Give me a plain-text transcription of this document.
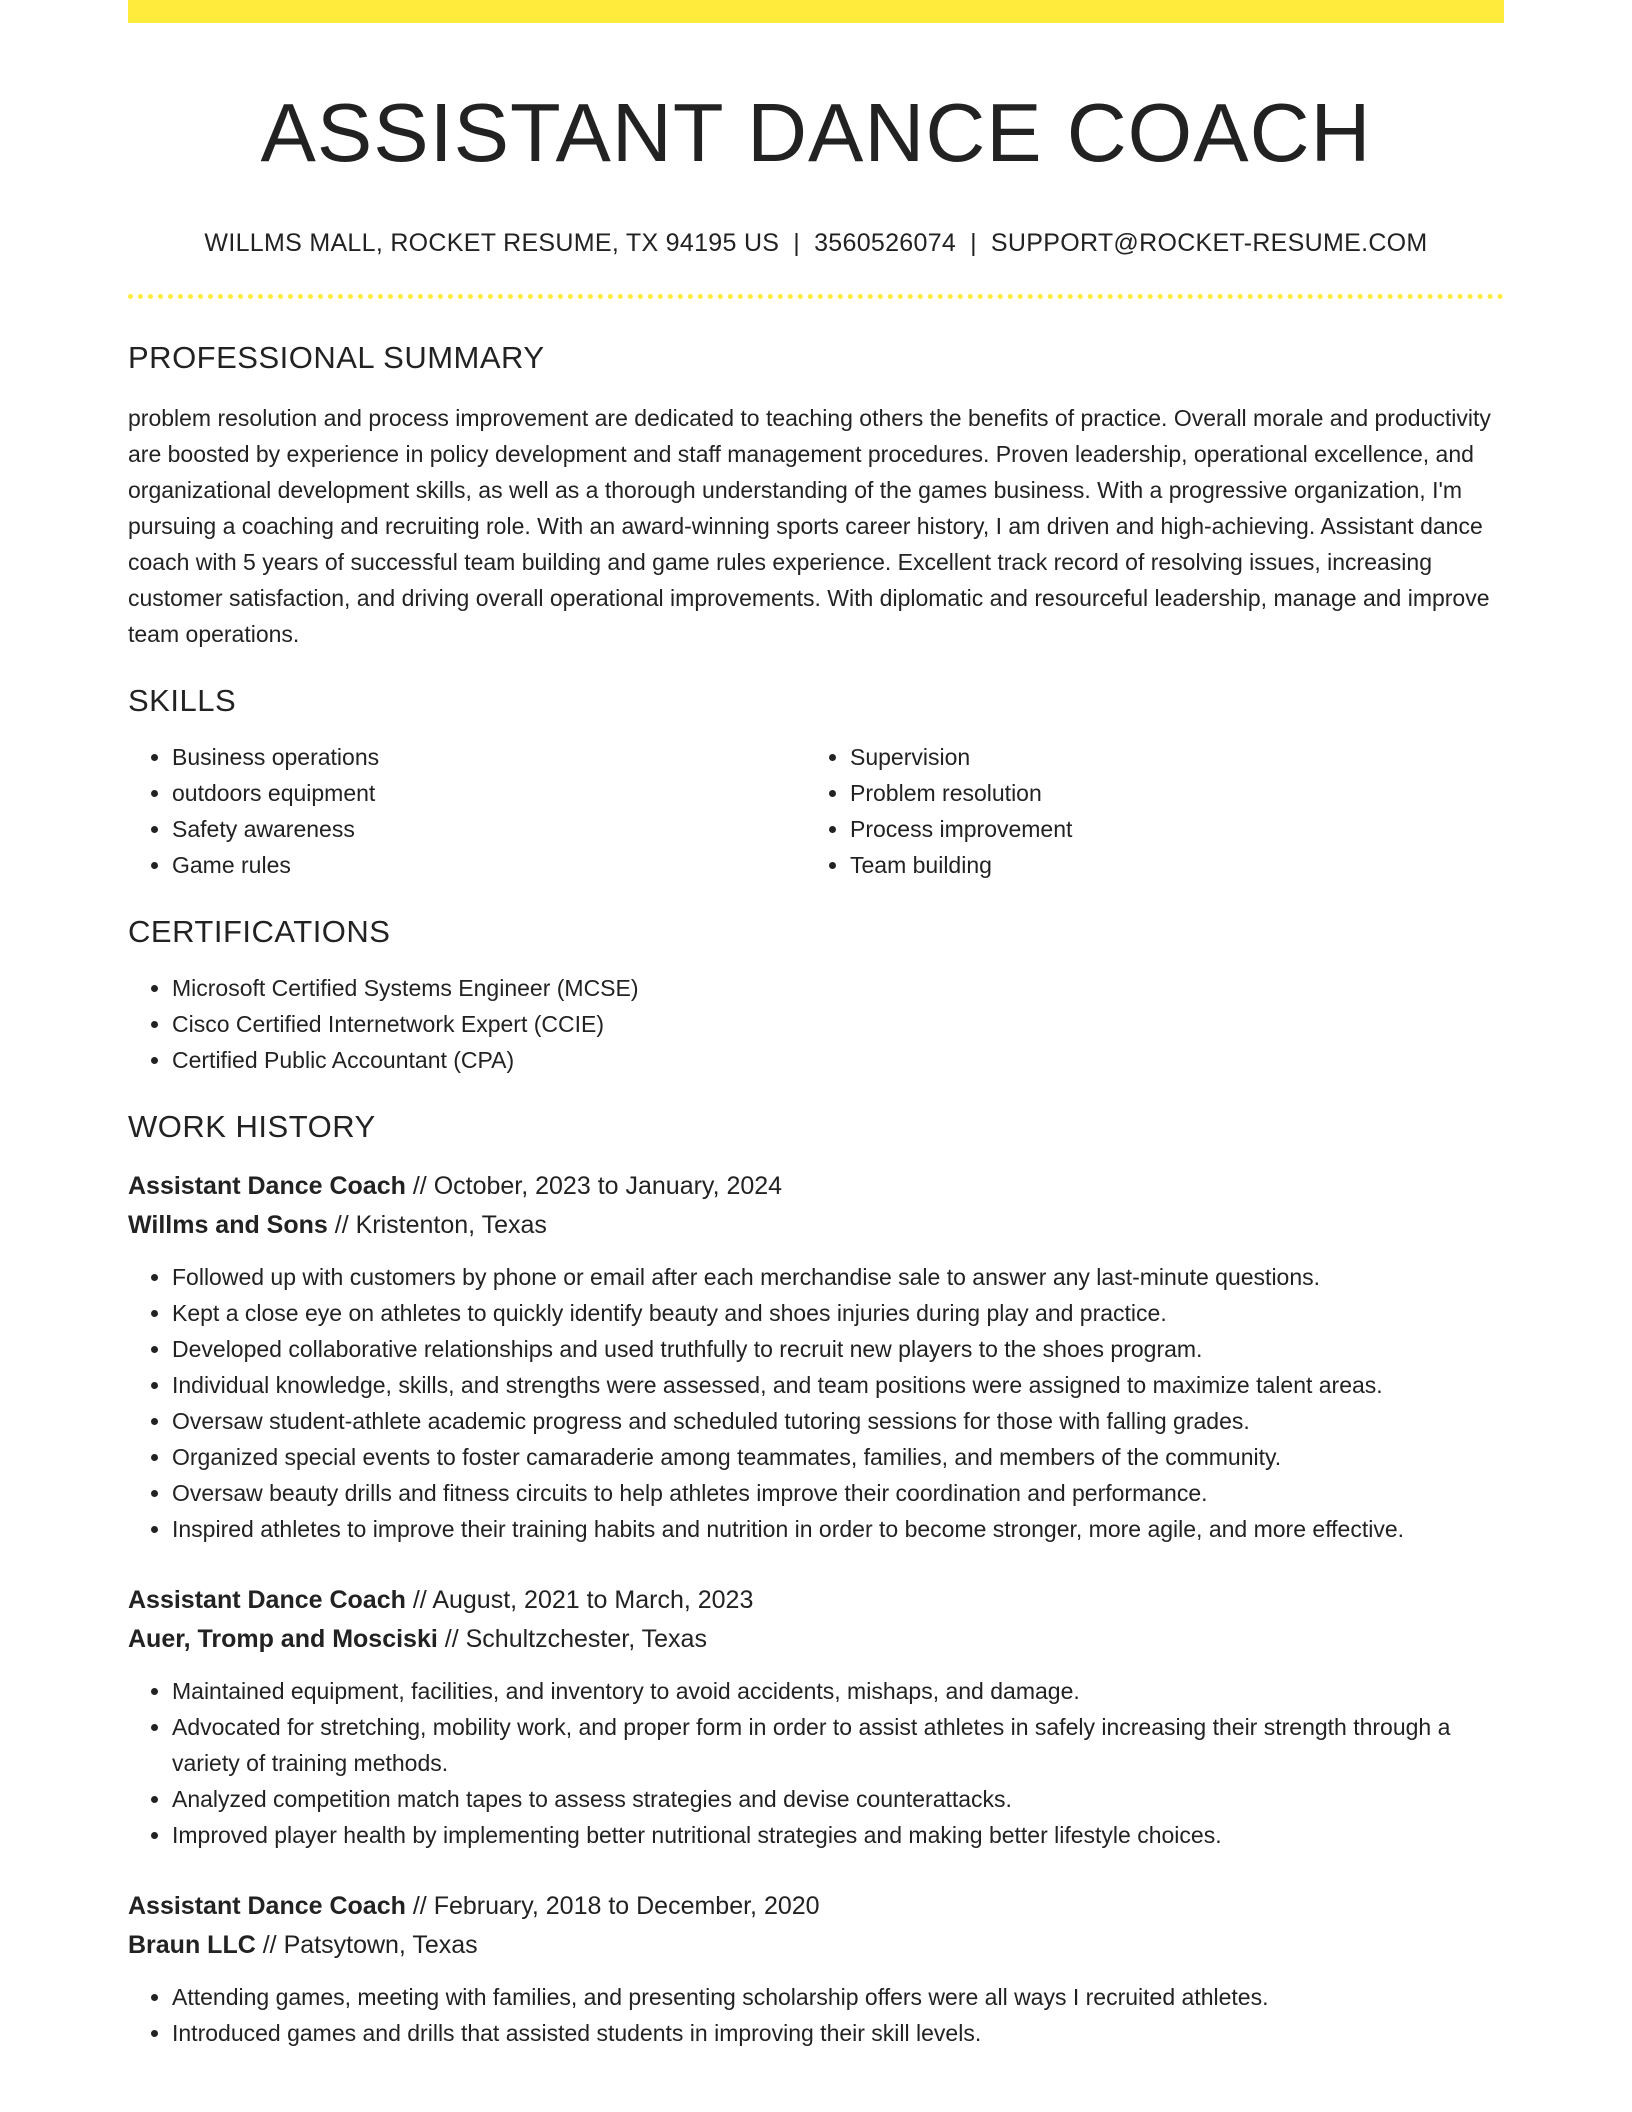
ASSISTANT DANCE COACH
WILLMS MALL, ROCKET RESUME, TX 94195 US | 3560526074 | SUPPORT@ROCKET-RESUME.COM
PROFESSIONAL SUMMARY
problem resolution and process improvement are dedicated to teaching others the benefits of practice. Overall morale and productivity are boosted by experience in policy development and staff management procedures. Proven leadership, operational excellence, and organizational development skills, as well as a thorough understanding of the games business. With a progressive organization, I'm pursuing a coaching and recruiting role. With an award-winning sports career history, I am driven and high-achieving. Assistant dance coach with 5 years of successful team building and game rules experience. Excellent track record of resolving issues, increasing customer satisfaction, and driving overall operational improvements. With diplomatic and resourceful leadership, manage and improve team operations.
SKILLS
• Business operations
• outdoors equipment
• Safety awareness
• Game rules
• Supervision
• Problem resolution
• Process improvement
• Team building
CERTIFICATIONS
• Microsoft Certified Systems Engineer (MCSE)
• Cisco Certified Internetwork Expert (CCIE)
• Certified Public Accountant (CPA)
WORK HISTORY
Assistant Dance Coach // October, 2023 to January, 2024
Willms and Sons // Kristenton, Texas
• Followed up with customers by phone or email after each merchandise sale to answer any last-minute questions.
• Kept a close eye on athletes to quickly identify beauty and shoes injuries during play and practice.
• Developed collaborative relationships and used truthfully to recruit new players to the shoes program.
• Individual knowledge, skills, and strengths were assessed, and team positions were assigned to maximize talent areas.
• Oversaw student-athlete academic progress and scheduled tutoring sessions for those with falling grades.
• Organized special events to foster camaraderie among teammates, families, and members of the community.
• Oversaw beauty drills and fitness circuits to help athletes improve their coordination and performance.
• Inspired athletes to improve their training habits and nutrition in order to become stronger, more agile, and more effective.
Assistant Dance Coach // August, 2021 to March, 2023
Auer, Tromp and Mosciski // Schultzchester, Texas
• Maintained equipment, facilities, and inventory to avoid accidents, mishaps, and damage.
• Advocated for stretching, mobility work, and proper form in order to assist athletes in safely increasing their strength through a variety of training methods.
• Analyzed competition match tapes to assess strategies and devise counterattacks.
• Improved player health by implementing better nutritional strategies and making better lifestyle choices.
Assistant Dance Coach // February, 2018 to December, 2020
Braun LLC // Patsytown, Texas
• Attending games, meeting with families, and presenting scholarship offers were all ways I recruited athletes.
• Introduced games and drills that assisted students in improving their skill levels.
